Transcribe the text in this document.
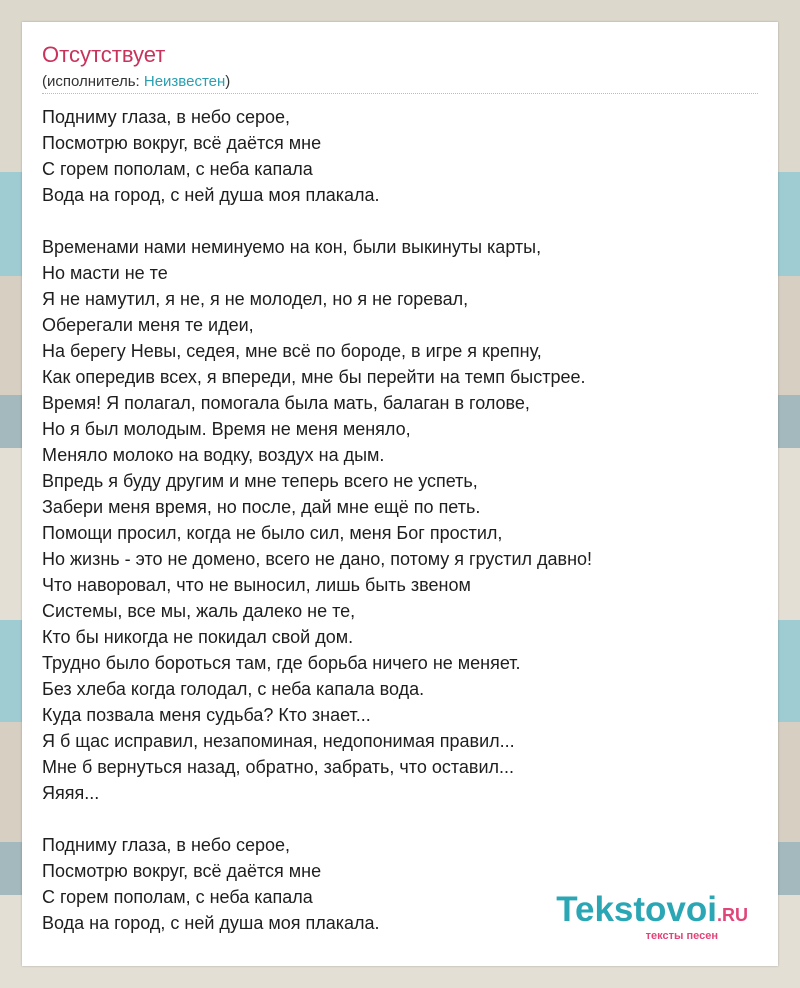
Отсутствует
(исполнитель: Неизвестен)
Подниму глаза, в небо серое,
Посмотрю вокруг, всё даётся мне
С горем пополам, с неба капала
Вода на город, с ней душа моя плакала.
Временами нами неминуемо на кон, были выкинуты карты,
Но масти не те
Я не намутил, я не, я не молодел, но я не горевал,
Оберегали меня те идеи,
На берегу Невы, седея, мне всё по бороде, в игре я крепну,
Как опередив всех, я впереди, мне бы перейти на темп быстрее.
Время! Я полагал, помогала была мать, балаган в голове,
Но я был молодым. Время не меня меняло,
Меняло молоко на водку, воздух на дым.
Впредь я буду другим и мне теперь всего не успеть,
Забери меня время, но после, дай мне ещё по петь.
Помощи просил, когда не было сил, меня Бог простил,
Но жизнь - это не домено, всего не дано, потому я грустил давно!
Что наворовал, что не выносил, лишь быть звеном
Системы, все мы, жаль далеко не те,
Кто бы никогда не покидал свой дом.
Трудно было бороться там, где борьба ничего не меняет.
Без хлеба когда голодал, с неба капала вода.
Куда позвала меня судьба? Кто знает...
Я б щас исправил, незапоминая, недопонимая правил...
Мне б вернуться назад, обратно, забрать, что оставил...
Яяяя...
Подниму глаза, в небо серое,
Посмотрю вокруг, всё даётся мне
С горем пополам, с неба капала
Вода на город, с ней душа моя плакала.	Tekstovoi.RU
тексты песен
